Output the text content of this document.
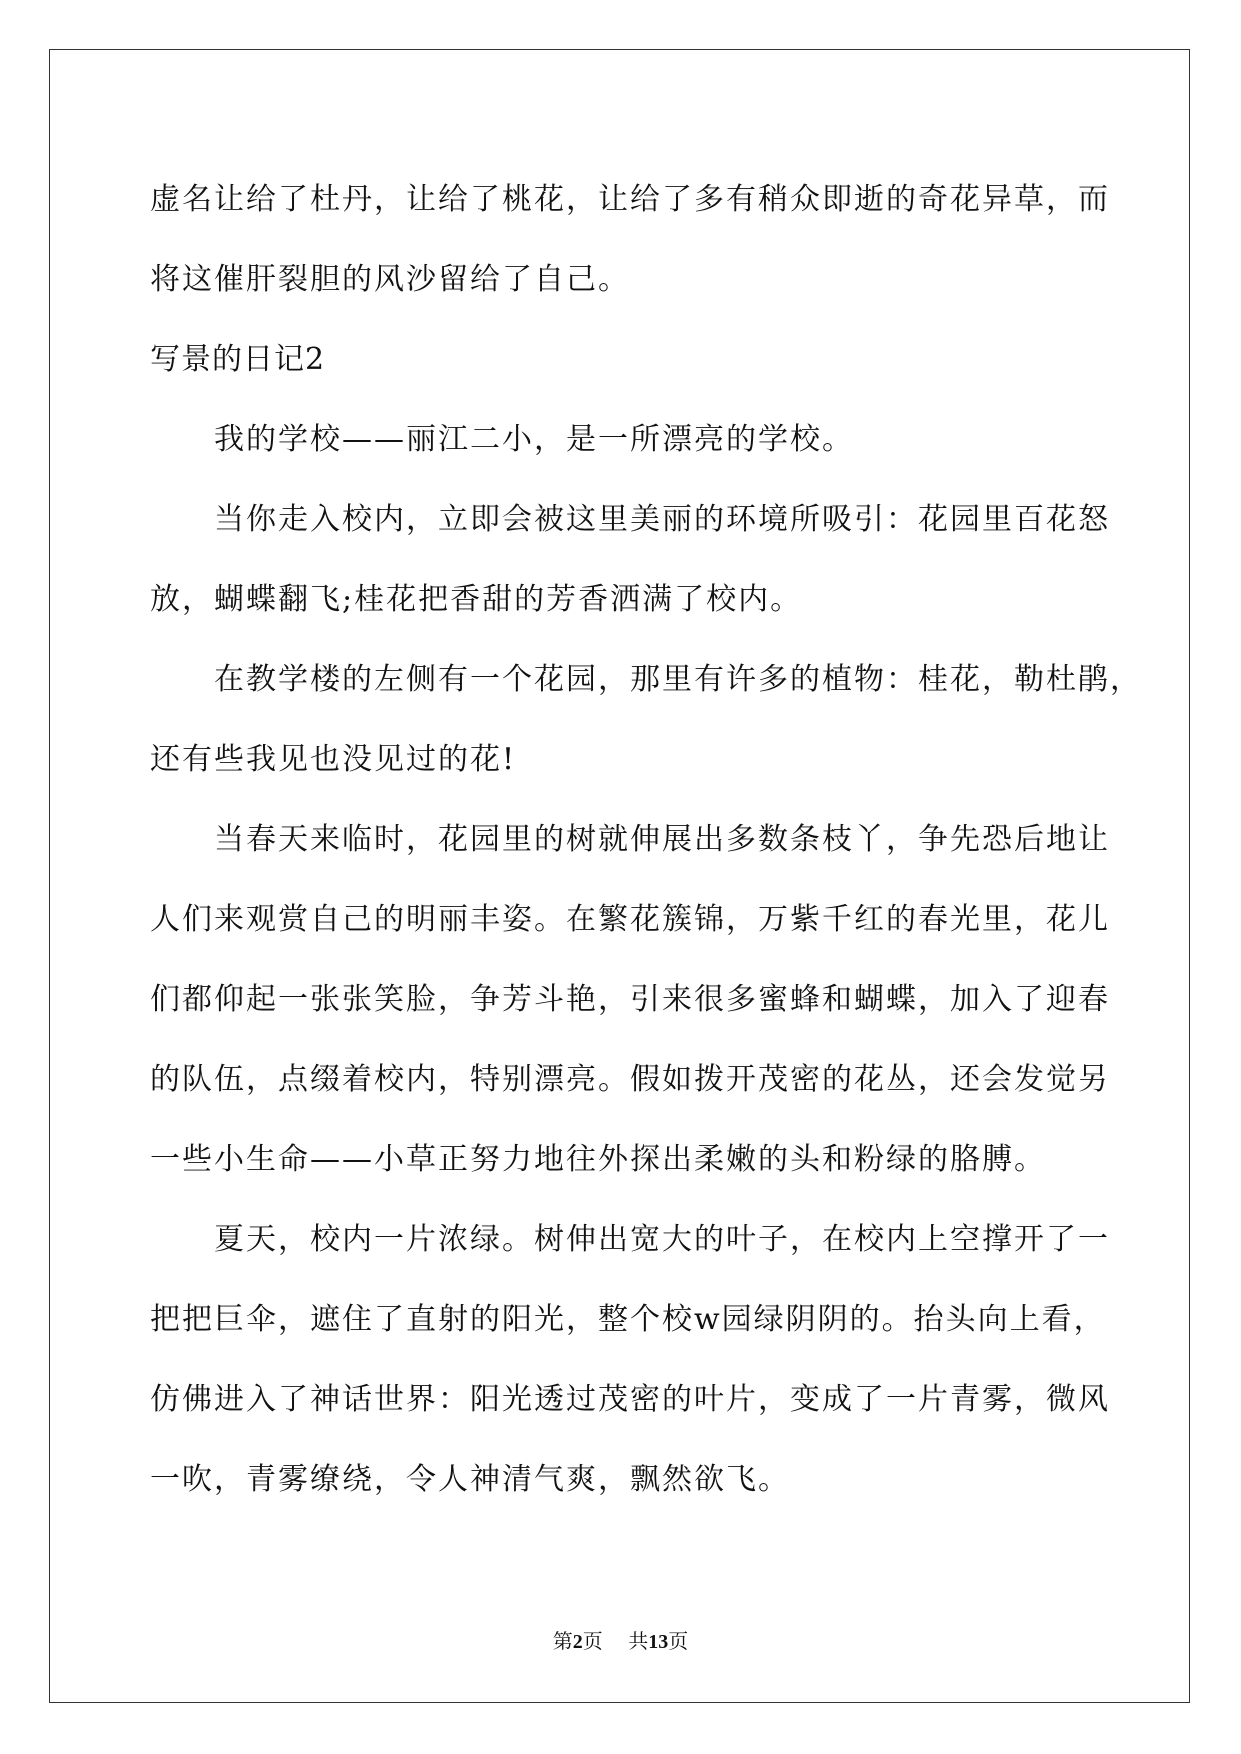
虚名让给了杜丹，让给了桃花，让给了多有稍众即逝的奇花异草，而

将这催肝裂胆的风沙留给了自己。

写景的日记2

我的学校——丽江二小，是一所漂亮的学校。

当你走入校内，立即会被这里美丽的环境所吸引：花园里百花怒

放，蝴蝶翻飞;桂花把香甜的芳香洒满了校内。

在教学楼的左侧有一个花园，那里有许多的植物：桂花，勒杜鹃，

还有些我见也没见过的花!

当春天来临时，花园里的树就伸展出多数条枝丫，争先恐后地让

人们来观赏自己的明丽丰姿。在繁花簇锦，万紫千红的春光里，花儿

们都仰起一张张笑脸，争芳斗艳，引来很多蜜蜂和蝴蝶，加入了迎春

的队伍，点缀着校内，特别漂亮。假如拨开茂密的花丛，还会发觉另

一些小生命——小草正努力地往外探出柔嫩的头和粉绿的胳膊。

夏天，校内一片浓绿。树伸出宽大的叶子，在校内上空撑开了一

把把巨伞，遮住了直射的阳光，整个校w园绿阴阴的。抬头向上看，

仿佛进入了神话世界：阳光透过茂密的叶片，变成了一片青雾，微风

一吹，青雾缭绕，令人神清气爽，飘然欲飞。

第2页 共13页
